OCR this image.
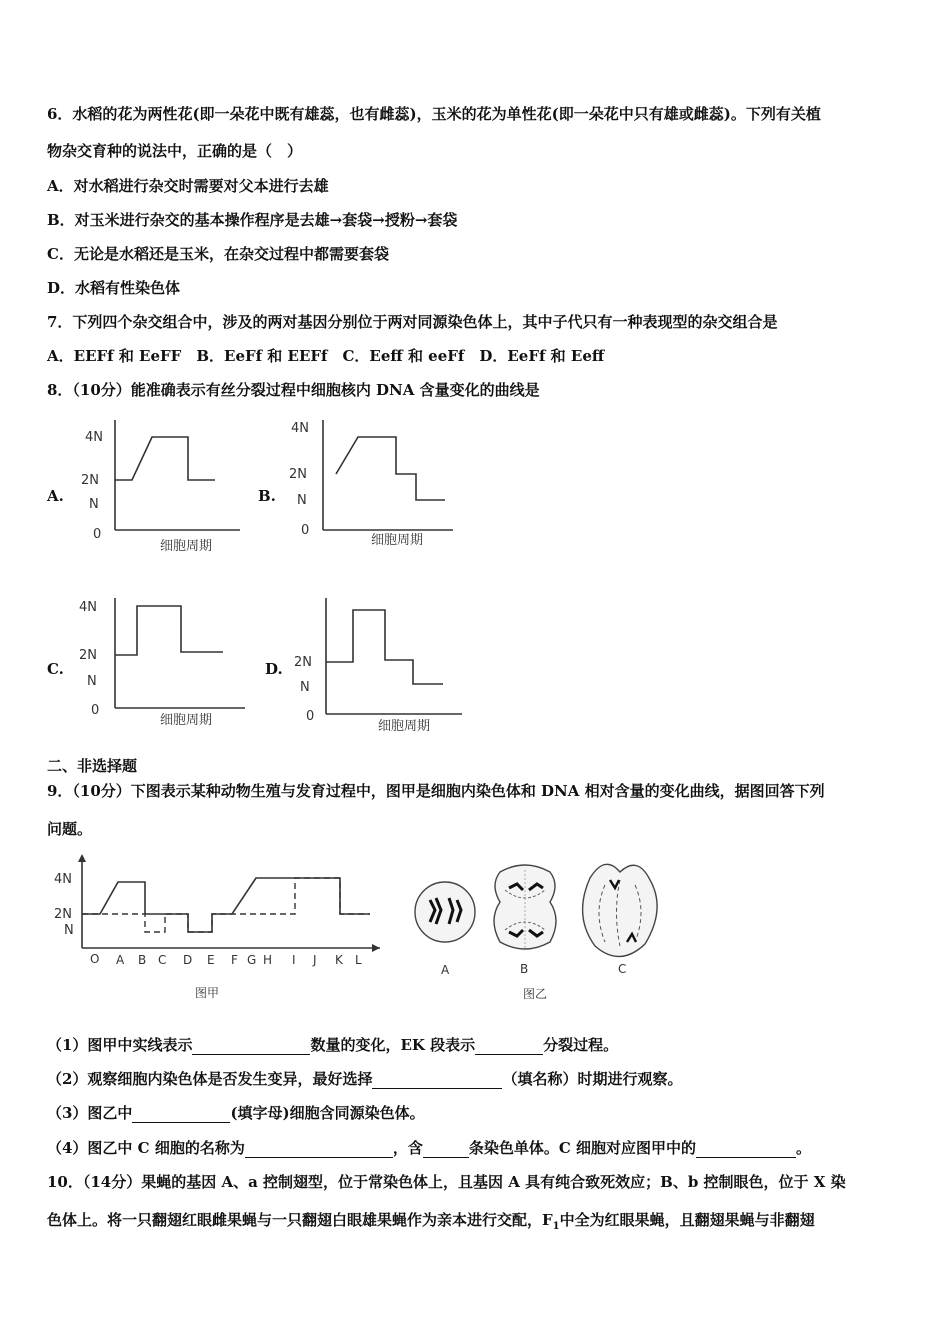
6．水稻的花为两性花(即一朵花中既有雄蕊，也有雌蕊)，玉米的花为单性花(即一朵花中只有雄或雌蕊)。下列有关植
物杂交育种的说法中，正确的是（　）
A．对水稻进行杂交时需要对父本进行去雄
B．对玉米进行杂交的基本操作程序是去雄→套袋→授粉→套袋
C．无论是水稻还是玉米，在杂交过程中都需要套袋
D．水稻有性染色体
7．下列四个杂交组合中，涉及的两对基因分别位于两对同源染色体上，其中子代只有一种表现型的杂交组合是
A．EEFf 和 EeFF　B．EeFf 和 EEFf　C．Eeff 和 eeFf　D．EeFf 和 Eeff
8．（10分）能准确表示有丝分裂过程中细胞核内 DNA 含量变化的曲线是
A.
4N
2N
N
0
细胞周期
B.
4N
2N
N
0
细胞周期
C.
4N
2N
N
0
细胞周期
D. 2N
N
0
细胞周期
二、非选择题
9．（10分）下图表示某种动物生殖与发育过程中，图甲是细胞内染色体和 DNA 相对含量的变化曲线，据图回答下列
问题。
4N
2N
N
O A B C D E F G H I J K L
图甲
A	B	C
图乙
（1）图甲中实线表示	数量的变化，EK 段表示	分裂过程。
（2）观察细胞内染色体是否发生变异，最好选择	（填名称）时期进行观察。
（3）图乙中	(填字母)细胞含同源染色体。
（4）图乙中 C 细胞的名称为	，含	条染色单体。C 细胞对应图甲中的	。
10．（14分）果蝇的基因 A、a 控制翅型，位于常染色体上，且基因 A 具有纯合致死效应；B、b 控制眼色，位于 X 染
色体上。将一只翻翅红眼雌果蝇与一只翻翅白眼雄果蝇作为亲本进行交配，$F_1$中全为红眼果蝇，且翻翅果蝇与非翻翅
